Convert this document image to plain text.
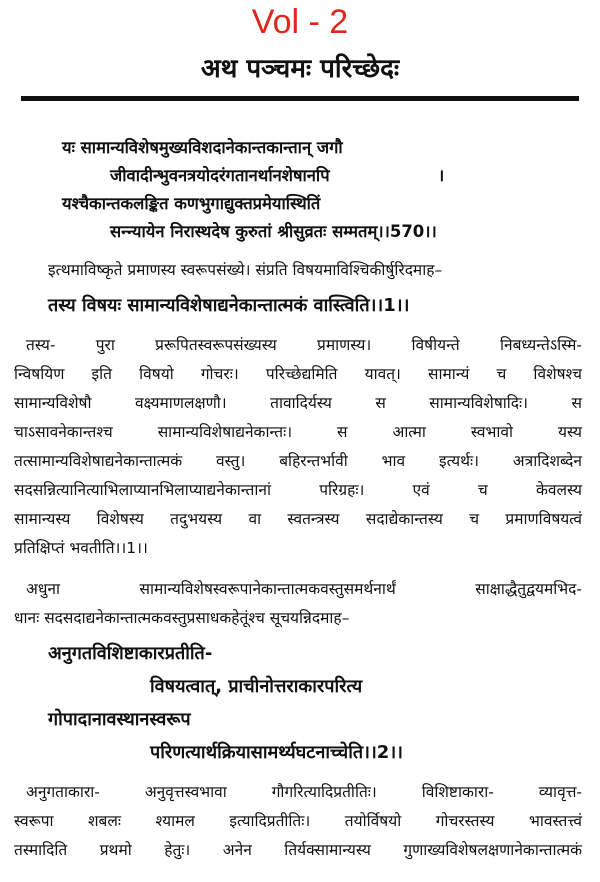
Vol - 2
अथ पञ्चमः परिच्छेदः
यः सामान्यविशेषमुख्यविशदानेकान्तकान्तान् जगौ
जीवादीन्भुवनत्रयोदरंगतानर्थानशेषानपि	।
यश्चैकान्तकलङ्कित कणभुगाद्युक्तप्रमेयास्थितिं
सन्न्यायेन निरास्थदेष कुरुतां श्रीसुव्रतः सम्मतम्।।570।।
इत्थमाविष्कृते प्रमाणस्य स्वरूपसंख्ये। संप्रति विषयमाविश्चिकीर्षुरिदमाह–
तस्य विषयः सामान्यविशेषाद्यनेकान्तात्मकं वास्त्विति।।1।।
तस्य- पुरा प्ररूपितस्वरूपसंख्यस्य प्रमाणस्य। विषीयन्ते निबध्यन्तेऽस्मि-
न्विषयिण इति विषयो गोचरः। परिच्छेद्यमिति यावत्। सामान्यं च विशेषश्च
सामान्यविशेषौ वक्ष्यमाणलक्षणौ। तावादिर्यस्य स सामान्यविशेषादिः। स
चाऽसावनेकान्तश्च सामान्यविशेषाद्यनेकान्तः। स आत्मा स्वभावो यस्य
तत्सामान्यविशेषाद्यनेकान्तात्मकं वस्तु। बहिरन्तर्भावी भाव इत्यर्थः। अत्रादिशब्देन
सदसन्नित्यानित्याभिलाप्यानभिलाप्याद्यनेकान्तानां परिग्रहः। एवं च केवलस्य
सामान्यस्य विशेषस्य तदुभयस्य वा स्वतन्त्रस्य सदाद्येकान्तस्य च प्रमाणविषयत्वं
प्रतिक्षिप्तं भवतीति।।1।।
अधुना सामान्यविशेषस्वरूपानेकान्तात्मकवस्तुसमर्थनार्थं साक्षाद्धैतुद्वयमभिद-
धानः सदसदाद्यनेकान्तात्मकवस्तुप्रसाधकहेतूंश्च सूचयन्निदमाह–
अनुगतविशिष्टाकारप्रतीति-
विषयत्वात्, प्राचीनोत्तराकारपरित्य
गोपादानावस्थानस्वरूप
परिणत्यार्थक्रियासामर्थ्यघटनाच्चेति।।2।।
अनुगताकारा- अनुवृत्तस्वभावा गौगरित्यादिप्रतीतिः। विशिष्टाकारा- व्यावृत्त-
स्वरूपा शबलः श्यामल इत्यादिप्रतीतिः। तयोर्विषयो गोचरस्तस्य भावस्तत्त्वं
तस्मादिति प्रथमो हेतुः। अनेन तिर्यक्सामान्यस्य गुणाख्यविशेषलक्षणानेकान्तात्मकं
